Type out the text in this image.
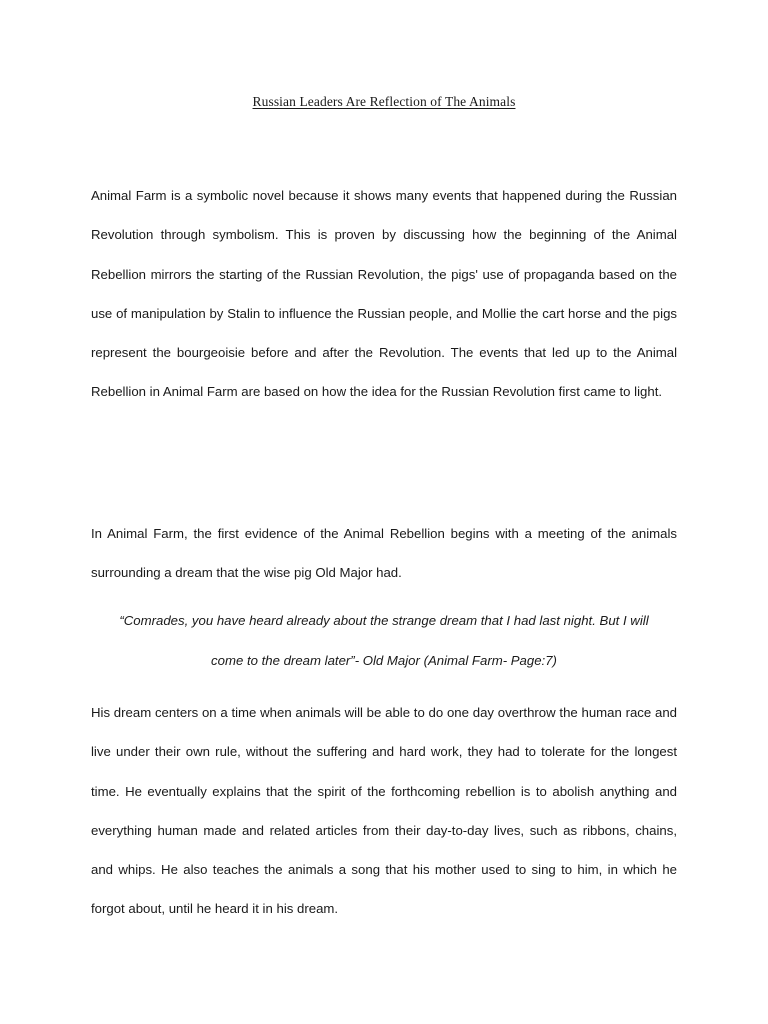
Russian Leaders Are Reflection of The Animals

Animal Farm is a symbolic novel because it shows many events that happened during the Russian Revolution through symbolism. This is proven by discussing how the beginning of the Animal Rebellion mirrors the starting of the Russian Revolution, the pigs' use of propaganda based on the use of manipulation by Stalin to influence the Russian people, and Mollie the cart horse and the pigs represent the bourgeoisie before and after the Revolution. The events that led up to the Animal Rebellion in Animal Farm are based on how the idea for the Russian Revolution first came to light.

In Animal Farm, the first evidence of the Animal Rebellion begins with a meeting of the animals surrounding a dream that the wise pig Old Major had.

“Comrades, you have heard already about the strange dream that I had last night. But I will
come to the dream later”- Old Major (Animal Farm- Page:7)

His dream centers on a time when animals will be able to do one day overthrow the human race and live under their own rule, without the suffering and hard work, they had to tolerate for the longest time. He eventually explains that the spirit of the forthcoming rebellion is to abolish anything and everything human made and related articles from their day-to-day lives, such as ribbons, chains, and whips. He also teaches the animals a song that his mother used to sing to him, in which he forgot about, until he heard it in his dream.
